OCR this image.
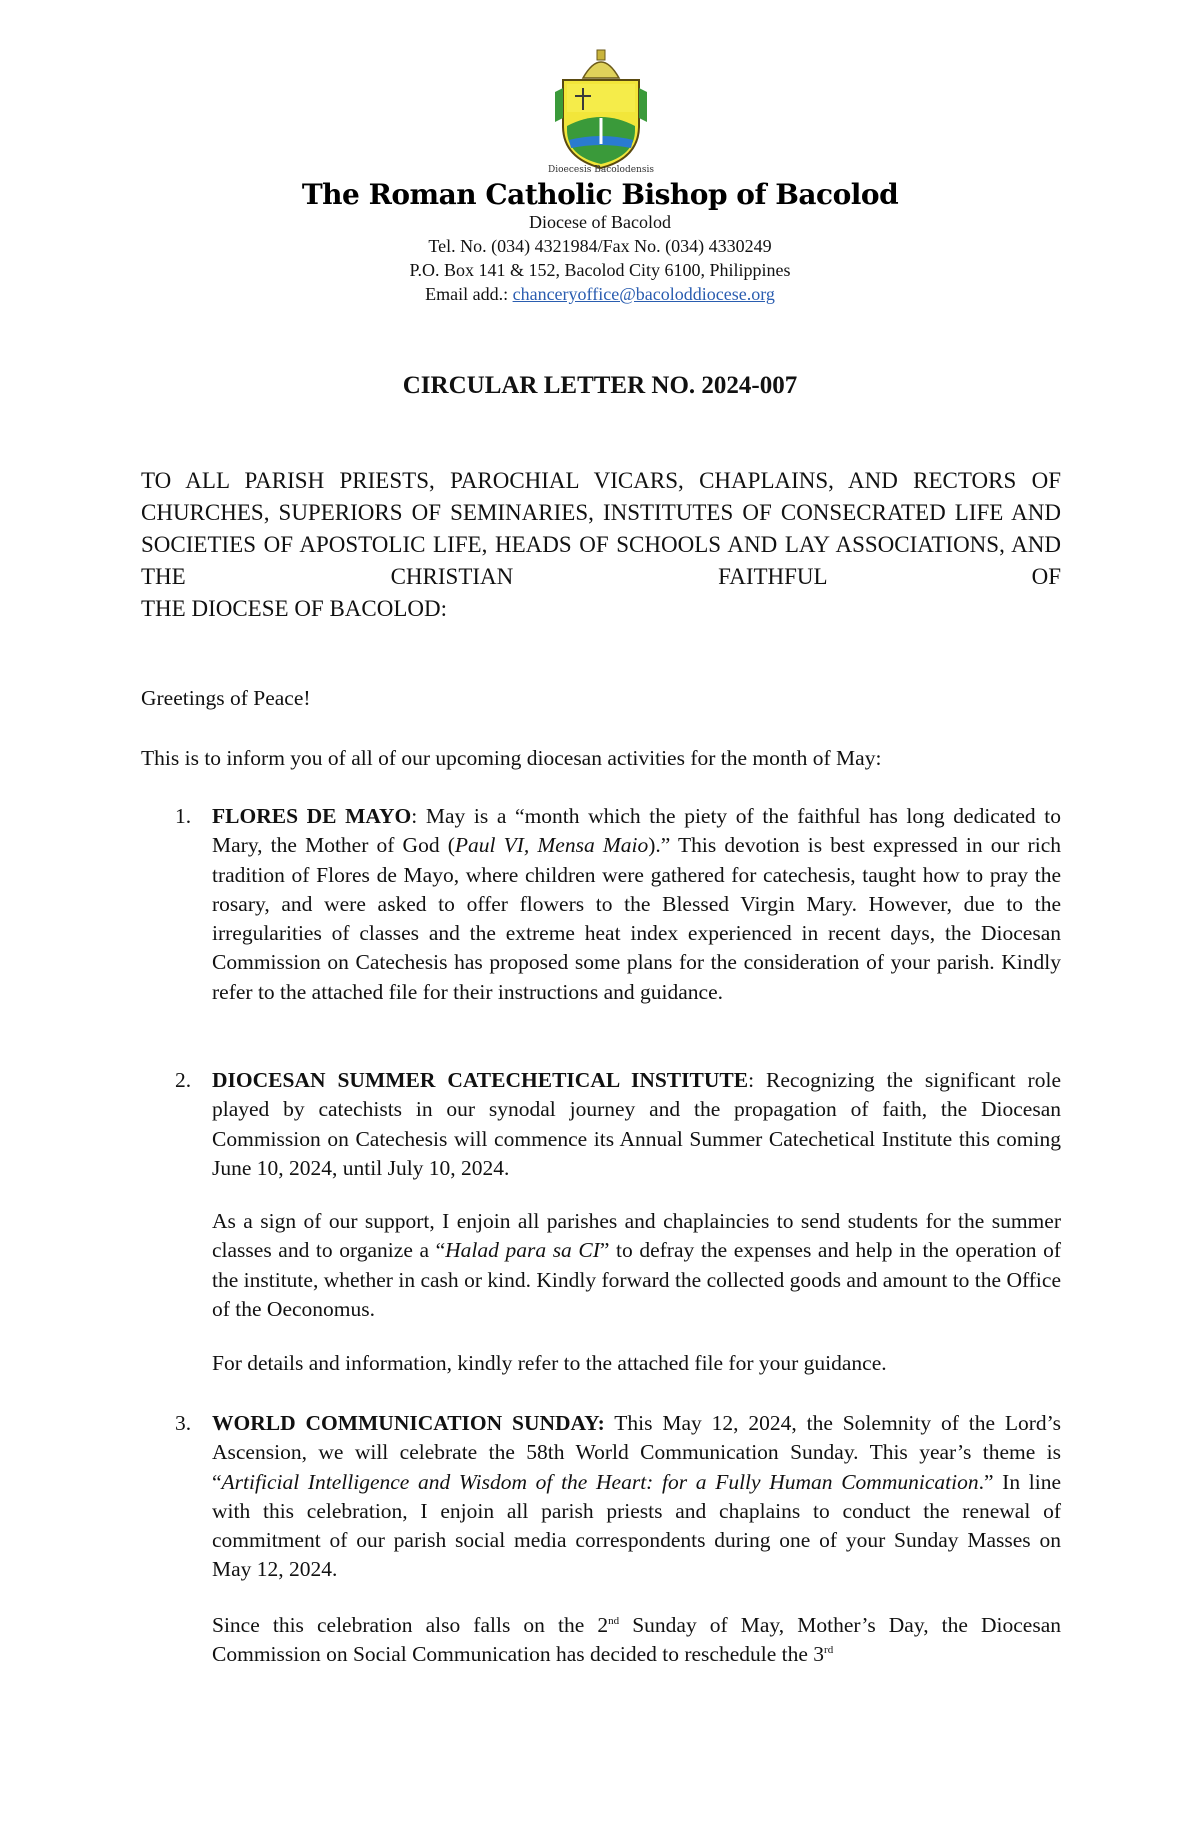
Dioecesis Bacolodensis
The Roman Catholic Bishop of Bacolod
Diocese of Bacolod
Tel. No. (034) 4321984/Fax No. (034) 4330249
P.O. Box 141 & 152, Bacolod City 6100, Philippines
Email add.: chanceryoffice@bacoloddiocese.org
CIRCULAR LETTER NO. 2024-007
TO ALL PARISH PRIESTS, PAROCHIAL VICARS, CHAPLAINS, AND RECTORS OF CHURCHES, SUPERIORS OF SEMINARIES, INSTITUTES OF CONSECRATED LIFE AND SOCIETIES OF APOSTOLIC LIFE, HEADS OF SCHOOLS AND LAY ASSOCIATIONS, AND THE CHRISTIAN FAITHFUL OF
THE DIOCESE OF BACOLOD:
Greetings of Peace!
This is to inform you of all of our upcoming diocesan activities for the month of May:
1. FLORES DE MAYO: May is a “month which the piety of the faithful has long dedicated to Mary, the Mother of God (Paul VI, Mensa Maio).” This devotion is best expressed in our rich tradition of Flores de Mayo, where children were gathered for catechesis, taught how to pray the rosary, and were asked to offer flowers to the Blessed Virgin Mary. However, due to the irregularities of classes and the extreme heat index experienced in recent days, the Diocesan Commission on Catechesis has proposed some plans for the consideration of your parish. Kindly refer to the attached file for their instructions and guidance.
2. DIOCESAN SUMMER CATECHETICAL INSTITUTE: Recognizing the significant role played by catechists in our synodal journey and the propagation of faith, the Diocesan Commission on Catechesis will commence its Annual Summer Catechetical Institute this coming June 10, 2024, until July 10, 2024.
As a sign of our support, I enjoin all parishes and chaplaincies to send students for the summer classes and to organize a “Halad para sa CI” to defray the expenses and help in the operation of the institute, whether in cash or kind. Kindly forward the collected goods and amount to the Office of the Oeconomus.
For details and information, kindly refer to the attached file for your guidance.
3. WORLD COMMUNICATION SUNDAY: This May 12, 2024, the Solemnity of the Lord’s Ascension, we will celebrate the 58th World Communication Sunday. This year’s theme is “Artificial Intelligence and Wisdom of the Heart: for a Fully Human Communication.” In line with this celebration, I enjoin all parish priests and chaplains to conduct the renewal of commitment of our parish social media correspondents during one of your Sunday Masses on May 12, 2024.
Since this celebration also falls on the 2nd Sunday of May, Mother’s Day, the Diocesan Commission on Social Communication has decided to reschedule the 3rd
